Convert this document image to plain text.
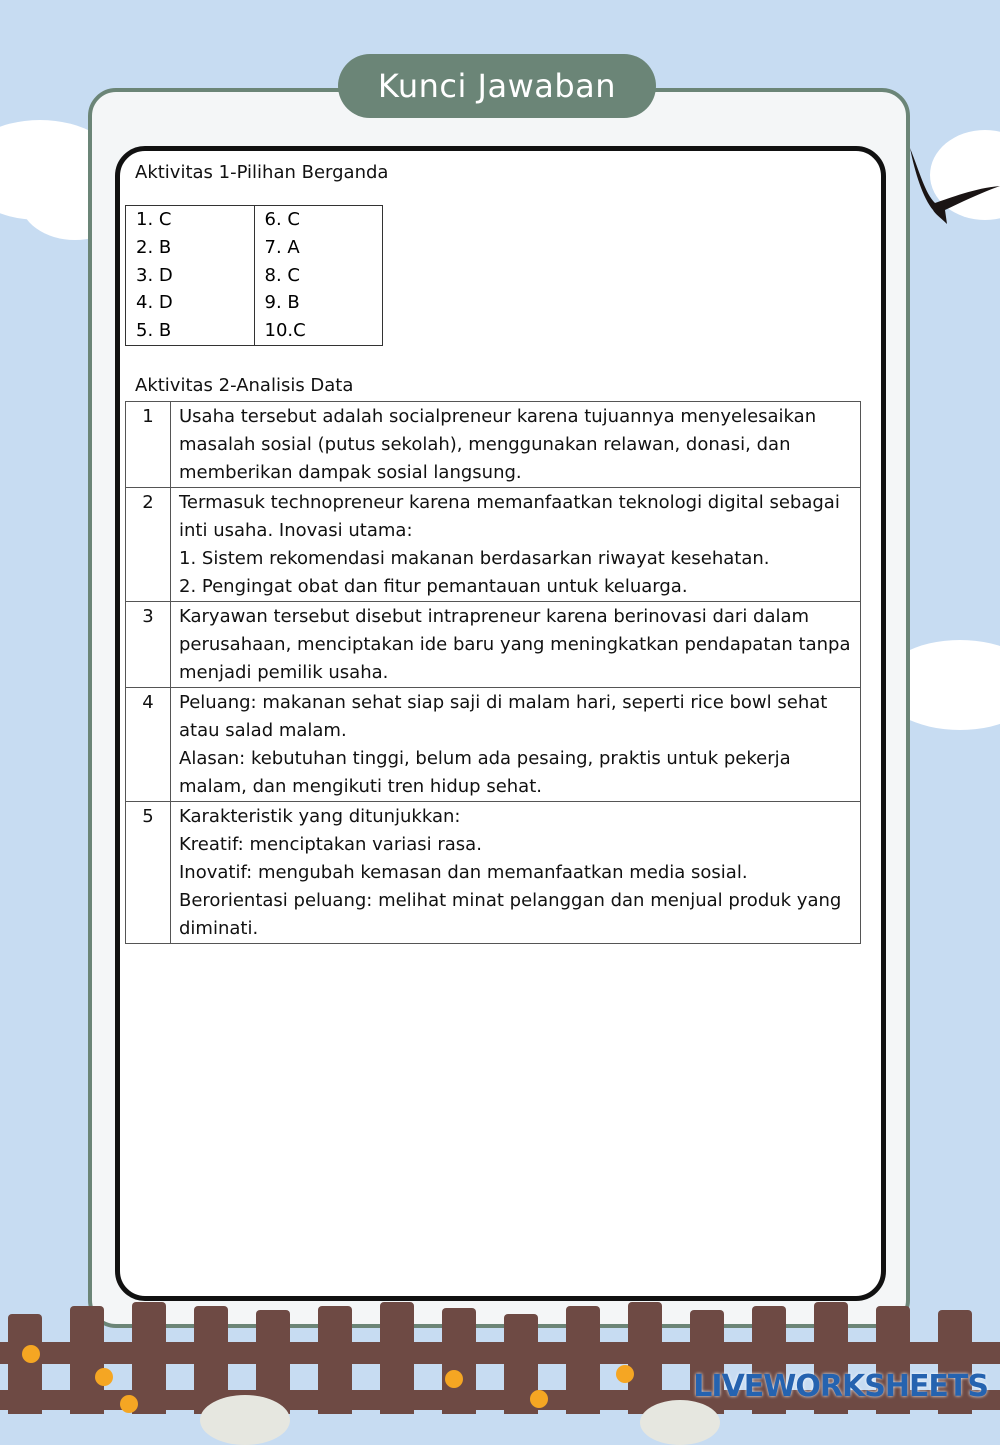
Kunci Jawaban
Aktivitas 1-Pilihan Berganda
1. C
2. B
3. D
4. D
5. B

6. C
7. A
8. C
9. B
10.C
Aktivitas 2-Analisis Data
1	Usaha tersebut adalah socialpreneur karena tujuannya menyelesaikan
masalah sosial (putus sekolah), menggunakan relawan, donasi, dan
memberikan dampak sosial langsung.

2	Termasuk technopreneur karena memanfaatkan teknologi digital sebagai
inti usaha. Inovasi utama:
1. Sistem rekomendasi makanan berdasarkan riwayat kesehatan.
2. Pengingat obat dan fitur pemantauan untuk keluarga.

3	Karyawan tersebut disebut intrapreneur karena berinovasi dari dalam
perusahaan, menciptakan ide baru yang meningkatkan pendapatan tanpa
menjadi pemilik usaha.

4	Peluang: makanan sehat siap saji di malam hari, seperti rice bowl sehat
atau salad malam.
Alasan: kebutuhan tinggi, belum ada pesaing, praktis untuk pekerja
malam, dan mengikuti tren hidup sehat.

5	Karakteristik yang ditunjukkan:
Kreatif: menciptakan variasi rasa.
Inovatif: mengubah kemasan dan memanfaatkan media sosial.
Berorientasi peluang: melihat minat pelanggan dan menjual produk yang
diminati.
LIVEWORKSHEETS
